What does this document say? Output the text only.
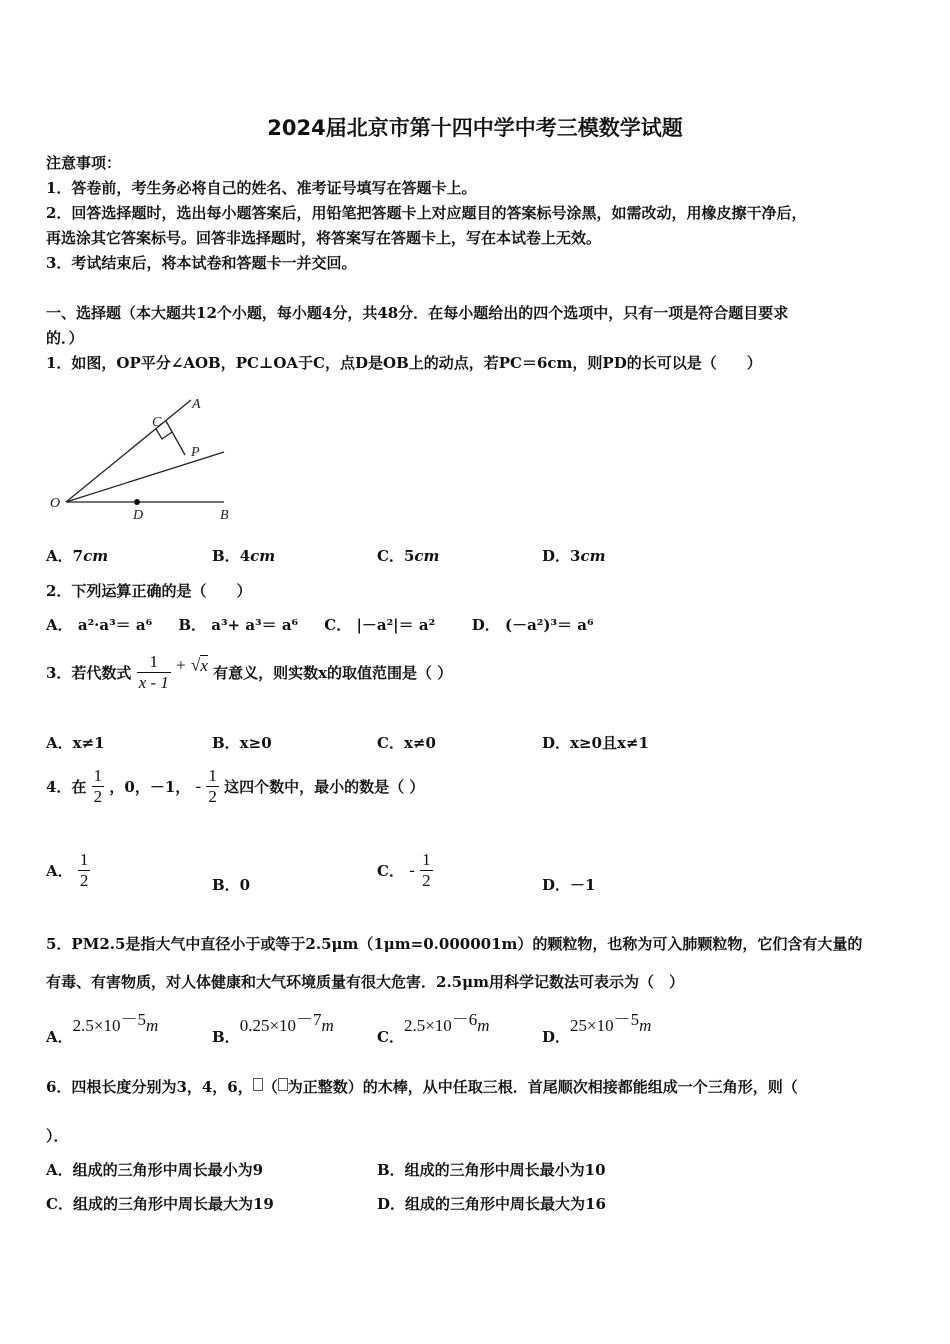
2024届北京市第十四中学中考三模数学试题
注意事项：
1．答卷前，考生务必将自己的姓名、准考证号填写在答题卡上。
2．回答选择题时，选出每小题答案后，用铅笔把答题卡上对应题目的答案标号涂黑，如需改动，用橡皮擦干净后，
再选涂其它答案标号。回答非选择题时，将答案写在答题卡上，写在本试卷上无效。
3．考试结束后，将本试卷和答题卡一并交回。
一、选择题（本大题共12个小题，每小题4分，共48分．在每小题给出的四个选项中，只有一项是符合题目要求
的．）
1．如图，OP平分∠AOB，PC⊥OA于C，点D是OB上的动点，若PC＝6cm，则PD的长可以是（　　）
A
C
P
O
D	B
A．7cm	B．4cm	C．5cm	D．3cm
2．下列运算正确的是（　　）
A． a²·a³＝ a⁶ B． a³+ a³＝ a⁶ C． |－a²|＝ a² D． (－a²)³＝ a⁶
3．若代数式 $\frac{1}{x - 1} + √x$ 有意义，则实数x的取值范围是（ ）
A．x≠1	B．x≥0	C．x≠0	D．x≥0且x≠1
4．在 $\frac{1}{2}$ ，0，－1， - $\frac{1}{2}$ 这四个数中，最小的数是（ ）
A． $\frac{1}{2}$	B．0
C． - $\frac{1}{2}$	D．－1
5．PM2.5是指大气中直径小于或等于2.5μm（1μm=0.000001m）的颗粒物，也称为可入肺颗粒物，它们含有大量的
有毒、有害物质，对人体健康和大气环境质量有很大危害．2.5μm用科学记数法可表示为（　）
A．$2.5\times 10^{-5}m$
B．$0.25\times 10^{-7}m$
C．$2.5\times 10^{-6}m$
D．$25\times 10^{-5}m$
6．四根长度分别为3，4，6， （ 为正整数）的木棒，从中任取三根．首尾顺次相接都能组成一个三角形，则（
）．
A．组成的三角形中周长最小为9	B．组成的三角形中周长最小为10
C．组成的三角形中周长最大为19	D．组成的三角形中周长最大为16
